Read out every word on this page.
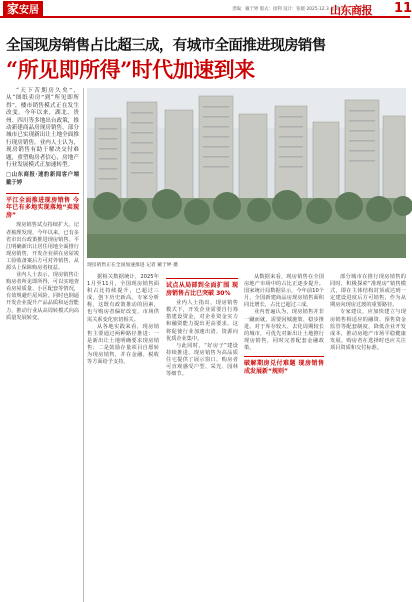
家安居	责编：戴于婷 版式：徐利 设计：张媛 2025.12.3 星期三
山东商报 11
全国现房销售占比超三成，有城市全面推进现房销售
“所见即所得”时代加速到来

“天下苦期房久矣”，从“图纸卖房”到“所见即所得”，楼市销售模式正在发生改变。今年以来，湖北、贵州、四川等多地出台政策，推动新建商品房现房销售，部分城市已实现新出让土地全面推行现房销售。业内人士认为，现房销售有助于解决交付难题，重塑购房者信心，房地产行业发展模式正加速转型。

□山东商报·速豹新闻客户端 戴于婷

平江全面推进现房销售 今年已有多地实现落地“卖现房”

现房销售试点持续扩大。记者梳理发现，今年以来，已有多省市出台政策推进现房销售。平江明确新出让居住用地全面推行现房销售，开发企业须在房屋竣工验收备案后方可对外销售，从源头上保障购房者权益。

业内人士表示，现房销售让购房者所见即所得，可以实地查看房屋质量、小区配套等情况，有效规避烂尾风险。同时也倒逼开发企业提升产品品质和运营能力，推动行业从高周转模式向高质量发展转变。

现房销售正在全国加速推进 记者 戴于婷 摄

据相关数据统计，2025年1月至11月，全国现房销售面积占比持续提升，已超过三成，创下历史新高。专家分析称，这既有政策推动的因素，也与购房者偏好改变、市场供需关系变化密切相关。

从各地实践来看，现房销售主要通过两种路径推进：一是新出让土地明确要求现房销售；二是鼓励存量项目自愿转为现房销售，并在金融、税收等方面给予支持。

试点从局部到全面扩围 现房销售占比已突破 30%

业内人士指出，现房销售模式下，开发企业需要自行筹措建设资金，对企业资金实力和融资能力提出更高要求。这将促使行业加速出清，资源向优质企业集中。

与此同时，“好房子”建设持续推进，现房销售为高品质住宅提供了展示窗口，购房者可直观感受户型、采光、园林等细节。

从数据来看，现房销售在全国房地产市场中的占比正逐步提升。国家统计局数据显示，今年前10个月，全国新建商品房现房销售面积同比增长，占比已超过三成。

业内普遍认为，现房销售并非一蹴而就，需要因城施策、稳步推进。对于库存较大、去化周期较长的城市，可优先对新出让土地推行现房销售，同时完善配套金融政策。

破解期房兑付难题 现房销售成发展新“规则”

部分城市在推行现房销售的同时，积极探索“准现房”销售模式，即在主体结构封顶或达到一定建设进度后方可销售，作为从期房向现房过渡的重要路径。

专家建议，应加快建立与现房销售相适应的融资、预售资金监管等配套制度，降低企业开发成本，推动房地产市场平稳健康发展。购房者在选择时也应关注项目资质和交付标准。
